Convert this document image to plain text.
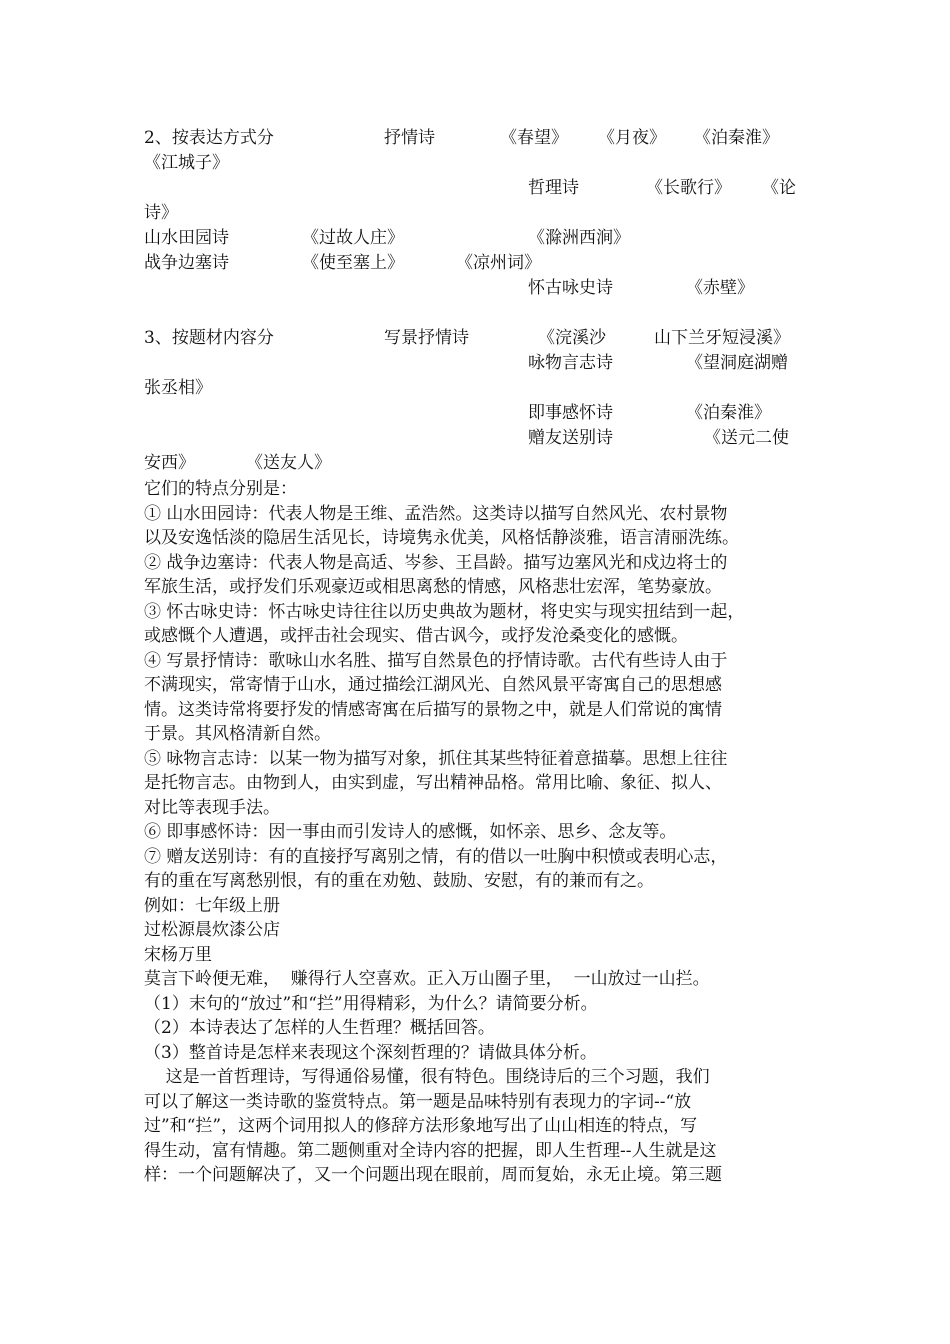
2、按表达方式分	抒情诗	《春望》 《月夜》 《泊秦淮》
《江城子》
哲理诗	《长歌行》 《论
诗》
山水田园诗	《过故人庄》	《滁洲西涧》
战争边塞诗	《使至塞上》	《凉州词》
怀古咏史诗	《赤壁》
3、按题材内容分	写景抒情诗	《浣溪沙	山下兰牙短浸溪》
咏物言志诗	《望洞庭湖赠
张丞相》
即事感怀诗	《泊秦淮》
赠友送别诗	《送元二使
安西》	《送友人》
它们的特点分别是：
① 山水田园诗：代表人物是王维、孟浩然。这类诗以描写自然风光、农村景物
以及安逸恬淡的隐居生活见长，诗境隽永优美，风格恬静淡雅，语言清丽洗练。
② 战争边塞诗：代表人物是高适、岑参、王昌龄。描写边塞风光和戍边将士的
军旅生活，或抒发们乐观豪迈或相思离愁的情感，风格悲壮宏浑，笔势豪放。
③ 怀古咏史诗：怀古咏史诗往往以历史典故为题材，将史实与现实扭结到一起，
或感慨个人遭遇，或抨击社会现实、借古讽今，或抒发沧桑变化的感慨。
④ 写景抒情诗：歌咏山水名胜、描写自然景色的抒情诗歌。古代有些诗人由于
不满现实，常寄情于山水，通过描绘江湖风光、自然风景平寄寓自己的思想感
情。这类诗常将要抒发的情感寄寓在后描写的景物之中，就是人们常说的寓情
于景。其风格清新自然。
⑤ 咏物言志诗：以某一物为描写对象，抓住其某些特征着意描摹。思想上往往
是托物言志。由物到人，由实到虚，写出精神品格。常用比喻、象征、拟人、
对比等表现手法。
⑥ 即事感怀诗：因一事由而引发诗人的感慨，如怀亲、思乡、念友等。
⑦ 赠友送别诗：有的直接抒写离别之情，有的借以一吐胸中积愤或表明心志，
有的重在写离愁别恨，有的重在劝勉、鼓励、安慰，有的兼而有之。
例如：七年级上册
过松源晨炊漆公店
宋杨万里
莫言下岭便无难，  赚得行人空喜欢。正入万山圈子里，  一山放过一山拦。
（1）末句的“放过”和“拦”用得精彩，为什么？请简要分析。
（2）本诗表达了怎样的人生哲理？概括回答。
（3）整首诗是怎样来表现这个深刻哲理的？请做具体分析。
这是一首哲理诗，写得通俗易懂，很有特色。围绕诗后的三个习题，我们
可以了解这一类诗歌的鉴赏特点。第一题是品味特别有表现力的字词--“放
过”和“拦”，这两个词用拟人的修辞方法形象地写出了山山相连的特点，写
得生动，富有情趣。第二题侧重对全诗内容的把握，即人生哲理--人生就是这
样：一个问题解决了，又一个问题出现在眼前，周而复始，永无止境。第三题
